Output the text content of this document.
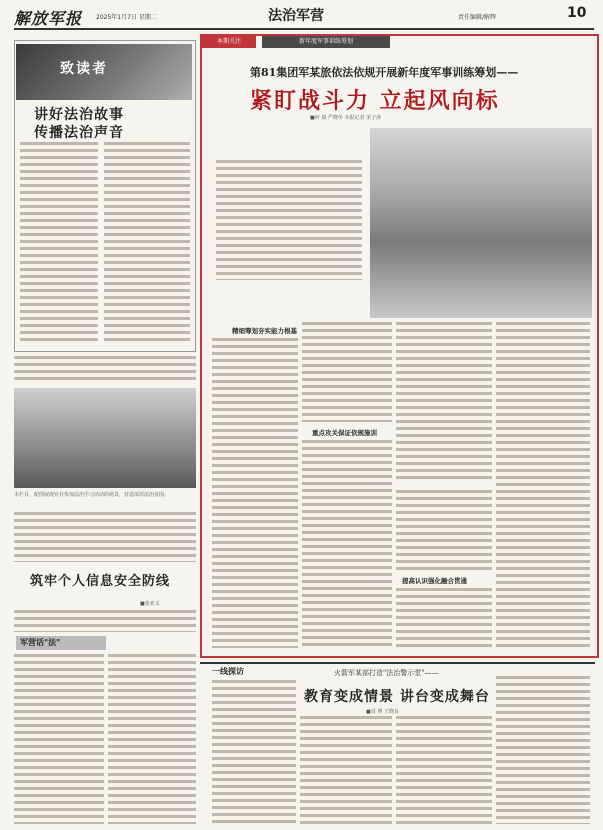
解放军报 2025年1月7日 星期二	法治军营	责任编辑/解辉	10
致读者
讲好法治故事
传播法治声音
本栏目，配图展现官兵参加法治学习活动的场景，营造浓厚法治氛围。
筑牢个人信息安全防线
■张亚义
军营话"法"
本期关注	新年度军事训练筹划
第81集团军某旅依法依规开展新年度军事训练筹划——
紧盯战斗力 立起风向标
■何 斌 严晓冬 本报记者 宋子涛
精细筹划夯实能力根基
重点攻关保证依规施训
提高认识强化融合贯通
一线探访	火箭军某部打造"法治警示堂"——
教育变成情景 讲台变成舞台
■周 博 王晓良
